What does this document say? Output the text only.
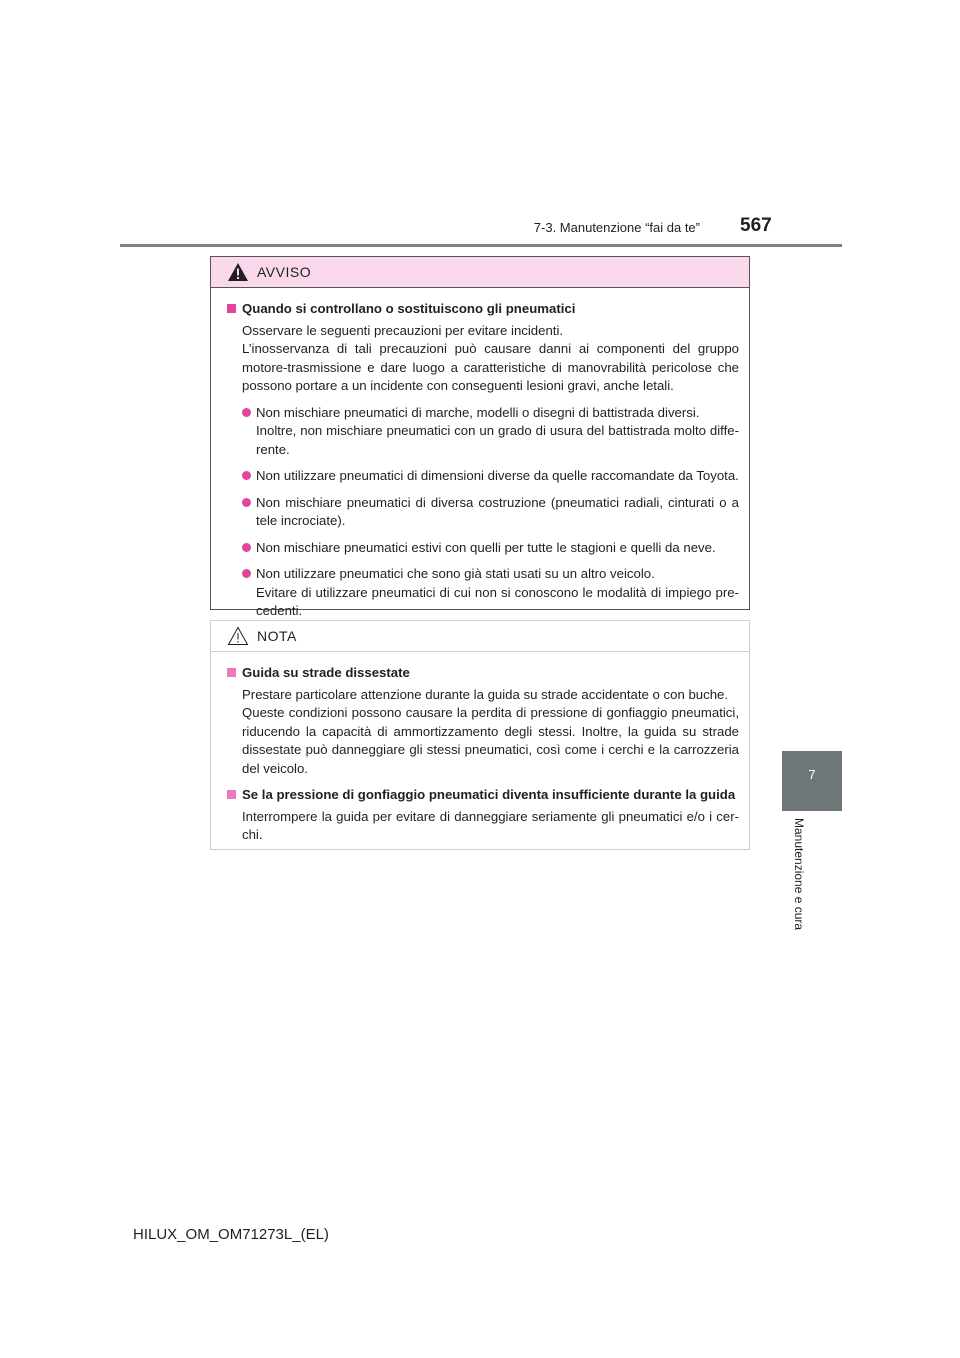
7-3. Manutenzione “fai da te” 567
7
Manutenzione e cura
AVVISO
Quando si controllano o sostituiscono gli pneumatici
Osservare le seguenti precauzioni per evitare incidenti.
L’inosservanza di tali precauzioni può causare danni ai componenti del gruppo motore-trasmissione e dare luogo a caratteristiche di manovrabilità pericolose che possono portare a un incidente con conseguenti lesioni gravi, anche letali.
Non mischiare pneumatici di marche, modelli o disegni di battistrada diversi.
Inoltre, non mischiare pneumatici con un grado di usura del battistrada molto diffe-rente.
Non utilizzare pneumatici di dimensioni diverse da quelle raccomandate da Toyota.
Non mischiare pneumatici di diversa costruzione (pneumatici radiali, cinturati o a tele incrociate).
Non mischiare pneumatici estivi con quelli per tutte le stagioni e quelli da neve.
Non utilizzare pneumatici che sono già stati usati su un altro veicolo.
Evitare di utilizzare pneumatici di cui non si conoscono le modalità di impiego pre-cedenti.
NOTA
Guida su strade dissestate
Prestare particolare attenzione durante la guida su strade accidentate o con buche.
Queste condizioni possono causare la perdita di pressione di gonfiaggio pneumatici, riducendo la capacità di ammortizzamento degli stessi. Inoltre, la guida su strade dissestate può danneggiare gli stessi pneumatici, così come i cerchi e la carrozzeria del veicolo.
Se la pressione di gonfiaggio pneumatici diventa insufficiente durante la guida
Interrompere la guida per evitare di danneggiare seriamente gli pneumatici e/o i cer-chi.
HILUX_OM_OM71273L_(EL)
